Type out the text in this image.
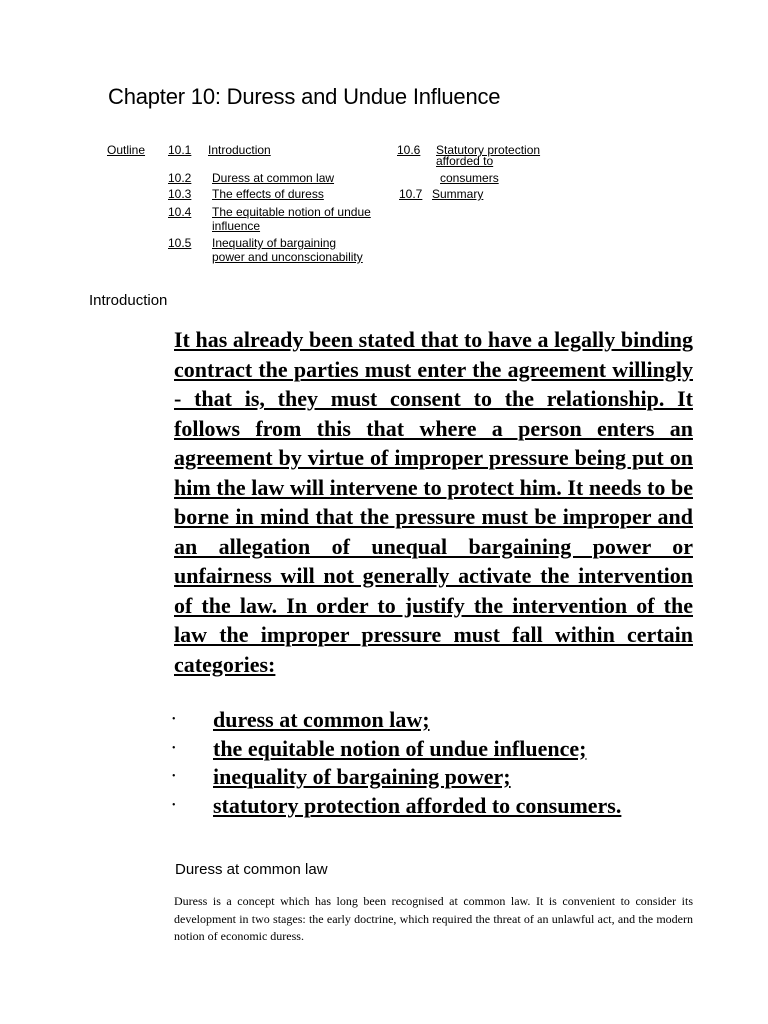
Chapter 10: Duress and Undue Influence
Outline 10.1 Introduction
10.2 Duress at common law
10.3 The effects of duress
10.4 The equitable notion of undue
influence
10.5 Inequality of bargaining
power and unconscionability
10.6 Statutory protection
afforded to
consumers
10.7 Summary
Introduction
It has already been stated that to have a legally binding contract the parties must enter the agreement willingly - that is, they must consent to the relationship. It follows from this that where a person enters an agreement by virtue of improper pressure being put on him the law will intervene to protect him. It needs to be borne in mind that the pressure must be improper and an allegation of unequal bargaining power or unfairness will not generally activate the intervention of the law. In order to justify the intervention of the law the improper pressure must fall within certain categories:
• duress at common law;
• the equitable notion of undue influence;
• inequality of bargaining power;
• statutory protection afforded to consumers.
Duress at common law
Duress is a concept which has long been recognised at common law. It is convenient to consider its development in two stages: the early doctrine, which required the threat of an unlawful act, and the modern notion of economic duress.
